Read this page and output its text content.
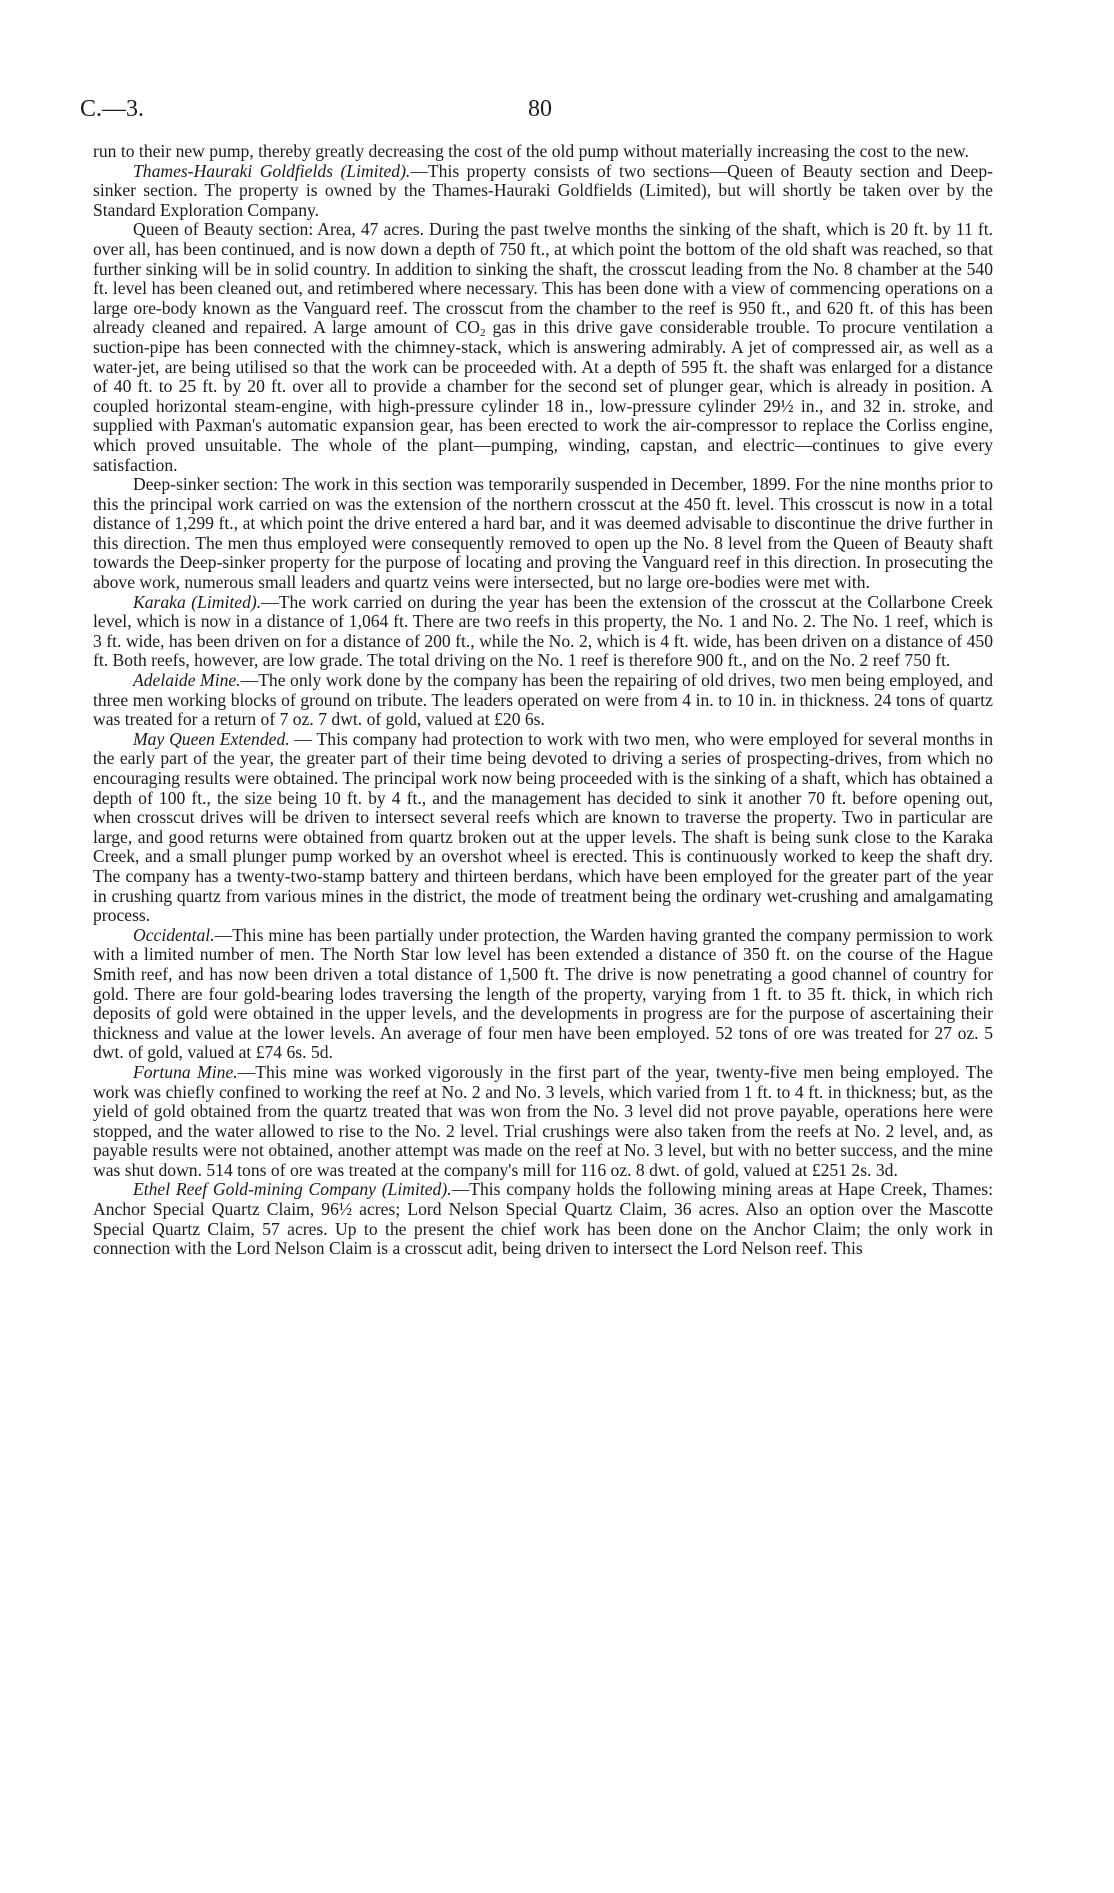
C.—3.	80

run to their new pump, thereby greatly decreasing the cost of the old pump without materially increasing the cost to the new.

Thames-Hauraki Goldfields (Limited).—This property consists of two sections—Queen of Beauty section and Deep-sinker section. The property is owned by the Thames-Hauraki Goldfields (Limited), but will shortly be taken over by the Standard Exploration Company.

Queen of Beauty section: Area, 47 acres. During the past twelve months the sinking of the shaft, which is 20 ft. by 11 ft. over all, has been continued, and is now down a depth of 750 ft., at which point the bottom of the old shaft was reached, so that further sinking will be in solid country. In addition to sinking the shaft, the crosscut leading from the No. 8 chamber at the 540 ft. level has been cleaned out, and retimbered where necessary. This has been done with a view of commencing operations on a large ore-body known as the Vanguard reef. The crosscut from the chamber to the reef is 950 ft., and 620 ft. of this has been already cleaned and repaired. A large amount of $CO_2$ gas in this drive gave considerable trouble. To procure ventilation a suction-pipe has been connected with the chimney-stack, which is answering admirably. A jet of compressed air, as well as a water-jet, are being utilised so that the work can be proceeded with. At a depth of 595 ft. the shaft was enlarged for a distance of 40 ft. to 25 ft. by 20 ft. over all to provide a chamber for the second set of plunger gear, which is already in position. A coupled horizontal steam-engine, with high-pressure cylinder 18 in., low-pressure cylinder 29½ in., and 32 in. stroke, and supplied with Paxman's automatic expansion gear, has been erected to work the air-compressor to replace the Corliss engine, which proved unsuitable. The whole of the plant—pumping, winding, capstan, and electric—continues to give every satisfaction.

Deep-sinker section: The work in this section was temporarily suspended in December, 1899. For the nine months prior to this the principal work carried on was the extension of the northern crosscut at the 450 ft. level. This crosscut is now in a total distance of 1,299 ft., at which point the drive entered a hard bar, and it was deemed advisable to discontinue the drive further in this direction. The men thus employed were consequently removed to open up the No. 8 level from the Queen of Beauty shaft towards the Deep-sinker property for the purpose of locating and proving the Vanguard reef in this direction. In prosecuting the above work, numerous small leaders and quartz veins were intersected, but no large ore-bodies were met with.

Karaka (Limited).—The work carried on during the year has been the extension of the crosscut at the Collarbone Creek level, which is now in a distance of 1,064 ft. There are two reefs in this property, the No. 1 and No. 2. The No. 1 reef, which is 3 ft. wide, has been driven on for a distance of 200 ft., while the No. 2, which is 4 ft. wide, has been driven on a distance of 450 ft. Both reefs, however, are low grade. The total driving on the No. 1 reef is therefore 900 ft., and on the No. 2 reef 750 ft.

Adelaide Mine.—The only work done by the company has been the repairing of old drives, two men being employed, and three men working blocks of ground on tribute. The leaders operated on were from 4 in. to 10 in. in thickness. 24 tons of quartz was treated for a return of 7 oz. 7 dwt. of gold, valued at £20 6s.

May Queen Extended. — This company had protection to work with two men, who were employed for several months in the early part of the year, the greater part of their time being devoted to driving a series of prospecting-drives, from which no encouraging results were obtained. The principal work now being proceeded with is the sinking of a shaft, which has obtained a depth of 100 ft., the size being 10 ft. by 4 ft., and the management has decided to sink it another 70 ft. before opening out, when crosscut drives will be driven to intersect several reefs which are known to traverse the property. Two in particular are large, and good returns were obtained from quartz broken out at the upper levels. The shaft is being sunk close to the Karaka Creek, and a small plunger pump worked by an overshot wheel is erected. This is continuously worked to keep the shaft dry. The company has a twenty-two-stamp battery and thirteen berdans, which have been employed for the greater part of the year in crushing quartz from various mines in the district, the mode of treatment being the ordinary wet-crushing and amalgamating process.

Occidental.—This mine has been partially under protection, the Warden having granted the company permission to work with a limited number of men. The North Star low level has been extended a distance of 350 ft. on the course of the Hague Smith reef, and has now been driven a total distance of 1,500 ft. The drive is now penetrating a good channel of country for gold. There are four gold-bearing lodes traversing the length of the property, varying from 1 ft. to 35 ft. thick, in which rich deposits of gold were obtained in the upper levels, and the developments in progress are for the purpose of ascertaining their thickness and value at the lower levels. An average of four men have been employed. 52 tons of ore was treated for 27 oz. 5 dwt. of gold, valued at £74 6s. 5d.

Fortuna Mine.—This mine was worked vigorously in the first part of the year, twenty-five men being employed. The work was chiefly confined to working the reef at No. 2 and No. 3 levels, which varied from 1 ft. to 4 ft. in thickness; but, as the yield of gold obtained from the quartz treated that was won from the No. 3 level did not prove payable, operations here were stopped, and the water allowed to rise to the No. 2 level. Trial crushings were also taken from the reefs at No. 2 level, and, as payable results were not obtained, another attempt was made on the reef at No. 3 level, but with no better success, and the mine was shut down. 514 tons of ore was treated at the company's mill for 116 oz. 8 dwt. of gold, valued at £251 2s. 3d.

Ethel Reef Gold-mining Company (Limited).—This company holds the following mining areas at Hape Creek, Thames: Anchor Special Quartz Claim, 96½ acres; Lord Nelson Special Quartz Claim, 36 acres. Also an option over the Mascotte Special Quartz Claim, 57 acres. Up to the present the chief work has been done on the Anchor Claim; the only work in connection with the Lord Nelson Claim is a crosscut adit, being driven to intersect the Lord Nelson reef. This
